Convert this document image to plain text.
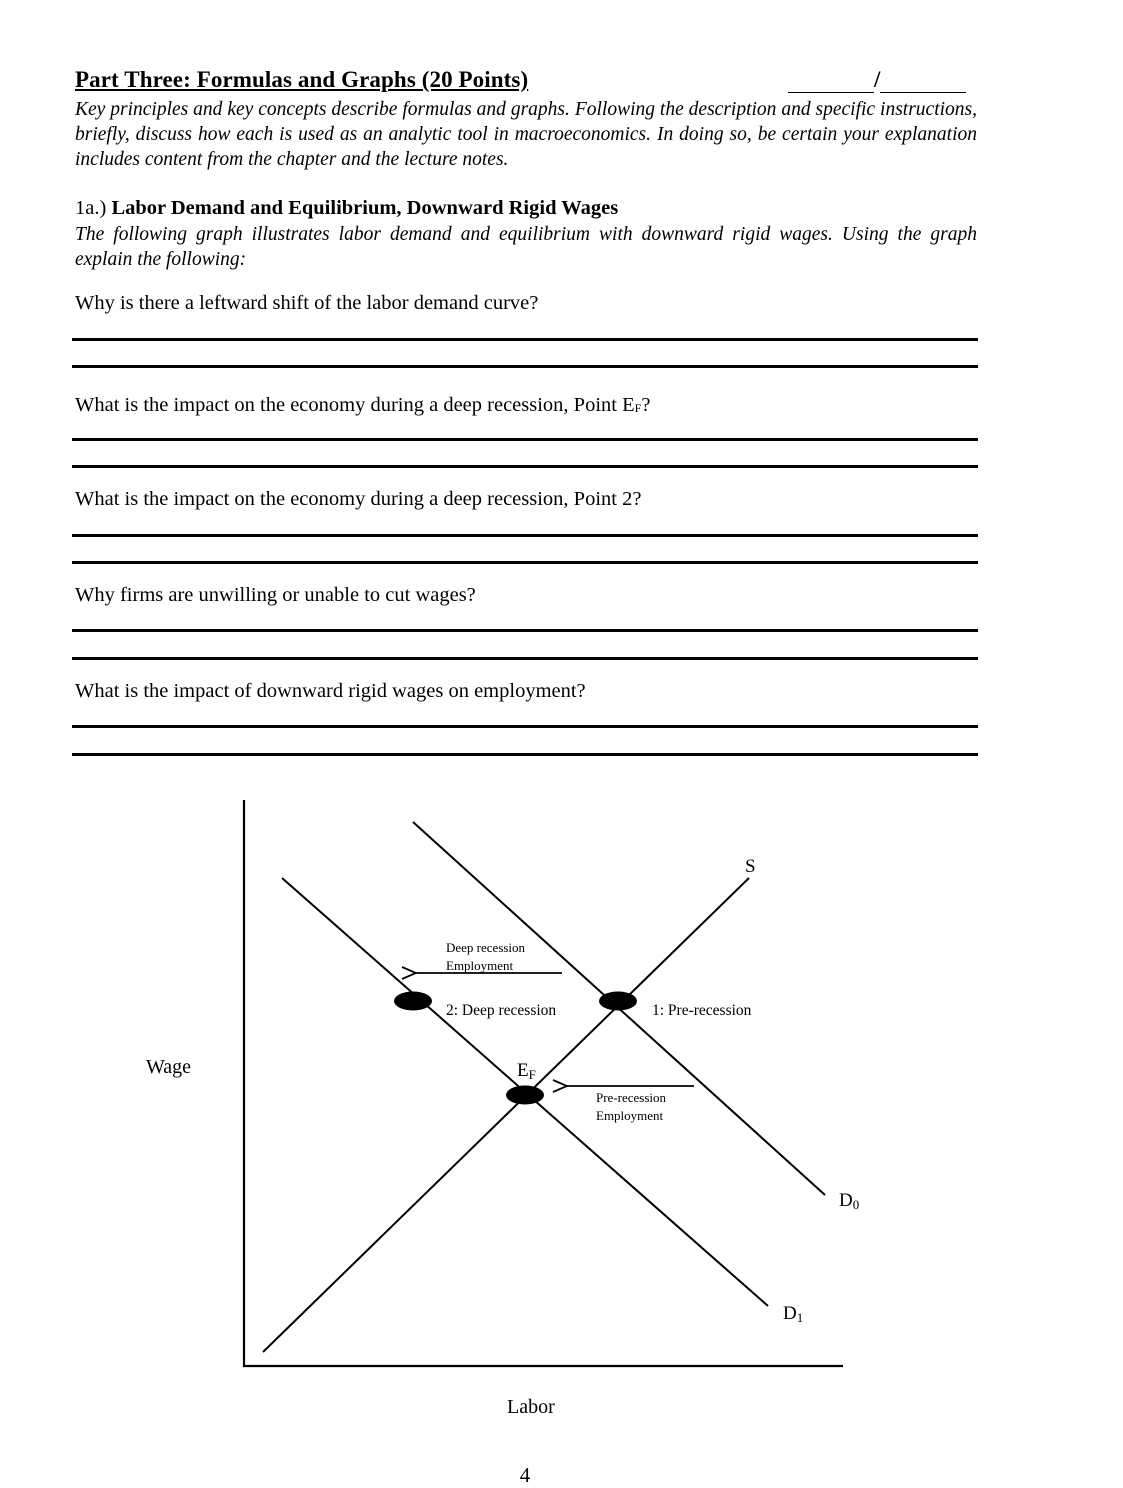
Part Three: Formulas and Graphs (20 Points)	/
Key principles and key concepts describe formulas and graphs. Following the description and specific instructions, briefly, discuss how each is used as an analytic tool in macroeconomics. In doing so, be certain your explanation includes content from the chapter and the lecture notes.
1a.) Labor Demand and Equilibrium, Downward Rigid Wages
The following graph illustrates labor demand and equilibrium with downward rigid wages. Using the graph explain the following:
Why is there a leftward shift of the labor demand curve?
What is the impact on the economy during a deep recession, Point $E_F$?
What is the impact on the economy during a deep recession, Point 2?
Why firms are unwilling or unable to cut wages?
What is the impact of downward rigid wages on employment?
Wage
Labor
S
D0
D1
1: Pre-recession
2: Deep recession
EF
Deep recession
Employment
Pre-recession
Employment
4
